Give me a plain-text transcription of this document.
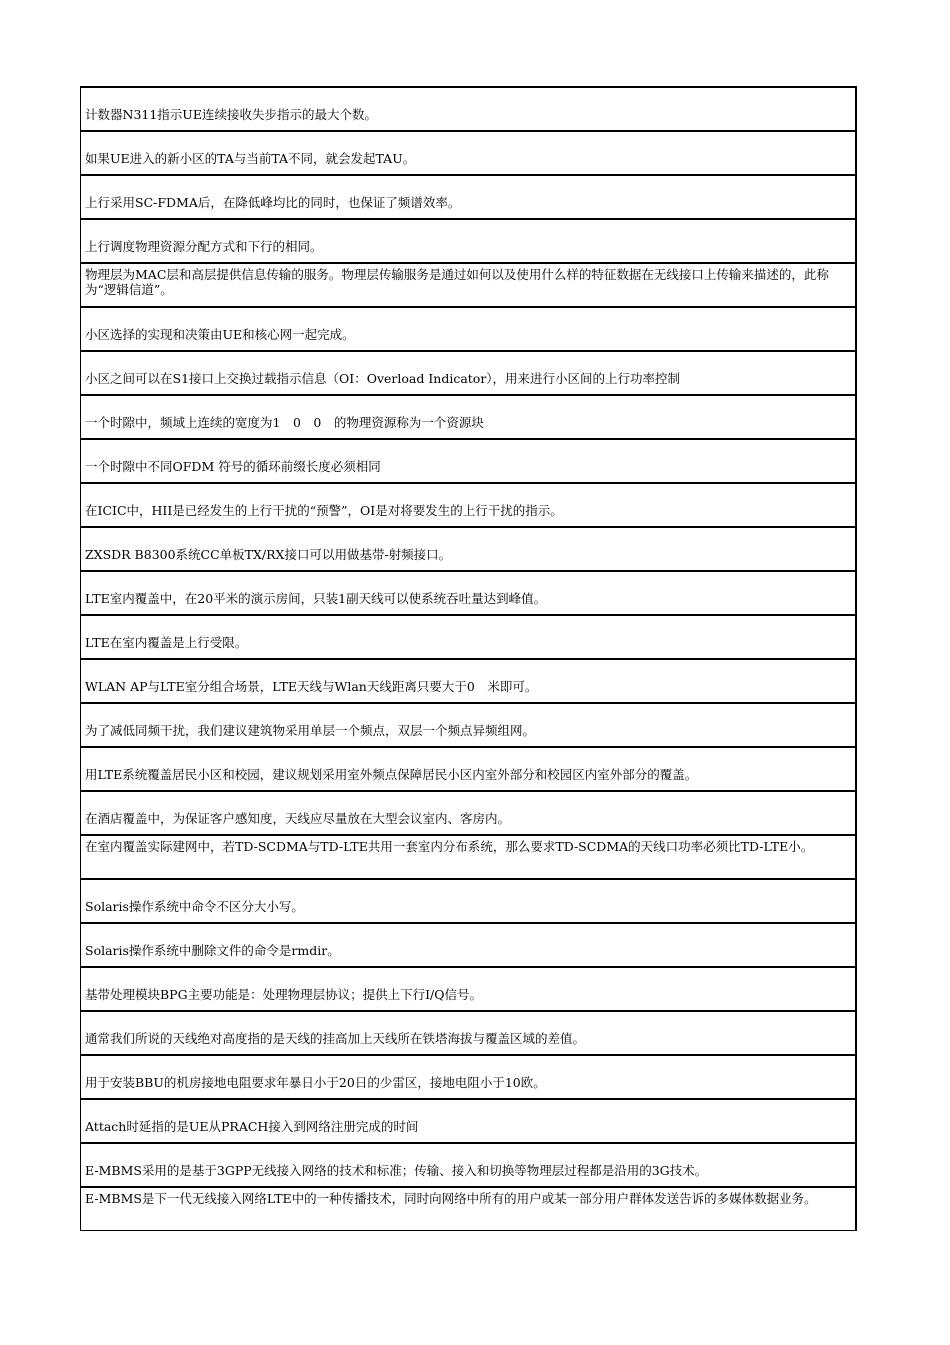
计数器N311指示UE连续接收失步指示的最大个数。
如果UE进入的新小区的TA与当前TA不同，就会发起TAU。
上行采用SC-FDMA后，在降低峰均比的同时，也保证了频谱效率。
上行调度物理资源分配方式和下行的相同。
物理层为MAC层和高层提供信息传输的服务。物理层传输服务是通过如何以及使用什么样的特征数据在无线接口上传输来描述的，此称为“逻辑信道”。
小区选择的实现和决策由UE和核心网一起完成。
小区之间可以在S1接口上交换过载指示信息（OI：Overload Indicator），用来进行小区间的上行功率控制
一个时隙中，频域上连续的宽度为1　0　0　的物理资源称为一个资源块
一个时隙中不同OFDM 符号的循环前缀长度必须相同
在ICIC中，HII是已经发生的上行干扰的“预警”，OI是对将要发生的上行干扰的指示。
ZXSDR B8300系统CC单板TX/RX接口可以用做基带-射频接口。
LTE室内覆盖中，在20平米的演示房间，只装1副天线可以使系统吞吐量达到峰值。
LTE在室内覆盖是上行受限。
WLAN AP与LTE室分组合场景，LTE天线与Wlan天线距离只要大于0　米即可。
为了减低同频干扰，我们建议建筑物采用单层一个频点，双层一个频点异频组网。
用LTE系统覆盖居民小区和校园，建议规划采用室外频点保障居民小区内室外部分和校园区内室外部分的覆盖。
在酒店覆盖中，为保证客户感知度，天线应尽量放在大型会议室内、客房内。
在室内覆盖实际建网中，若TD-SCDMA与TD-LTE共用一套室内分布系统，那么要求TD-SCDMA的天线口功率必须比TD-LTE小。
Solaris操作系统中命令不区分大小写。
Solaris操作系统中删除文件的命令是rmdir。
基带处理模块BPG主要功能是：处理物理层协议；提供上下行I/Q信号。
通常我们所说的天线绝对高度指的是天线的挂高加上天线所在铁塔海拔与覆盖区域的差值。
用于安装BBU的机房接地电阻要求年暴日小于20日的少雷区，接地电阻小于10欧。
Attach时延指的是UE从PRACH接入到网络注册完成的时间
E-MBMS采用的是基于3GPP无线接入网络的技术和标准；传输、接入和切换等物理层过程都是沿用的3G技术。
E-MBMS是下一代无线接入网络LTE中的一种传播技术，同时向网络中所有的用户或某一部分用户群体发送告诉的多媒体数据业务。
